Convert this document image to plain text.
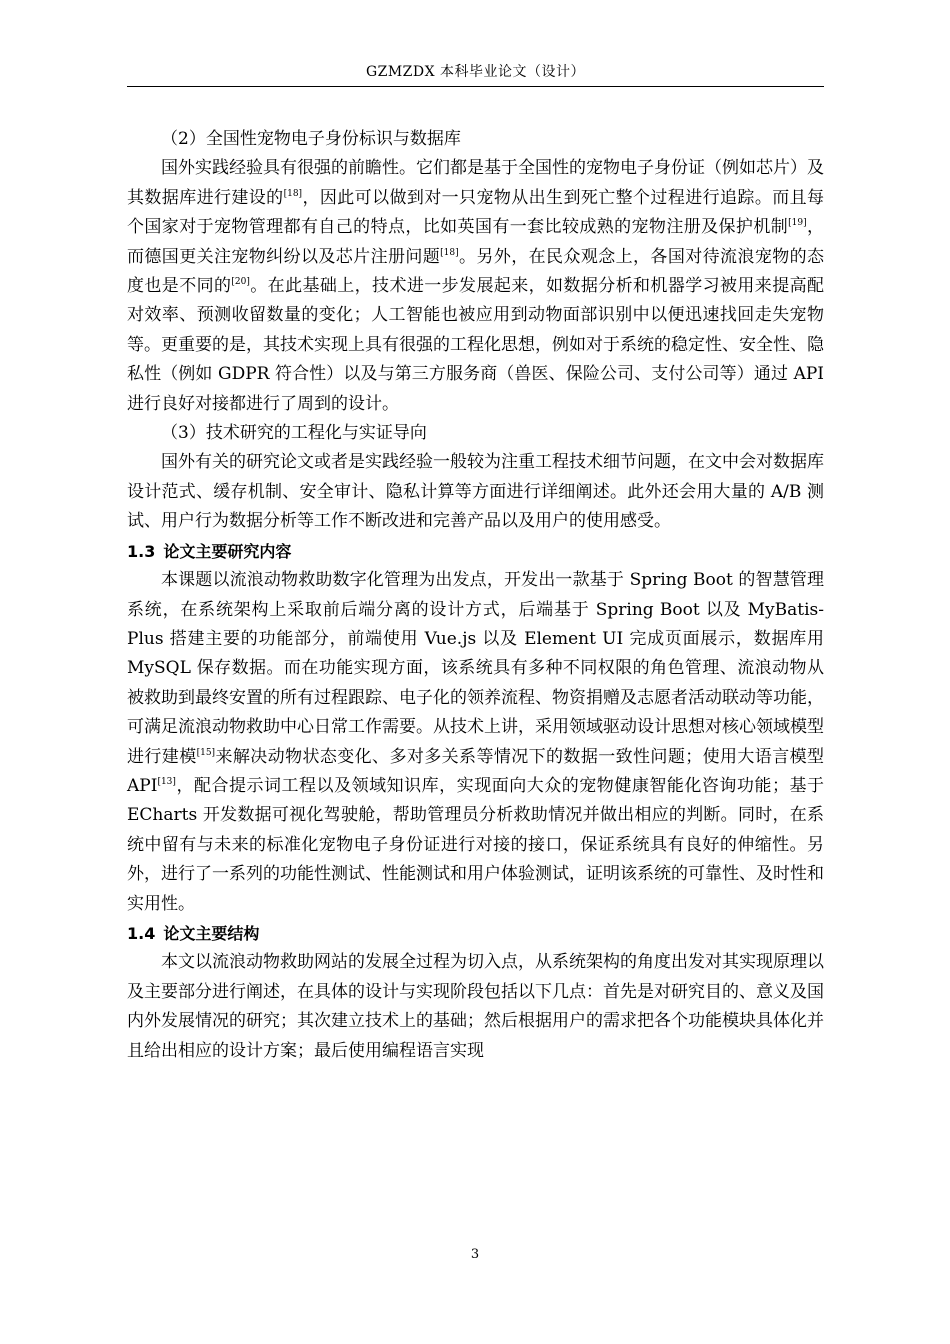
GZMZDX 本科毕业论文（设计）

（2）全国性宠物电子身份标识与数据库

国外实践经验具有很强的前瞻性。它们都是基于全国性的宠物电子身份证（例如芯片）及其数据库进行建设的[18]，因此可以做到对一只宠物从出生到死亡整个过程进行追踪。而且每个国家对于宠物管理都有自己的特点，比如英国有一套比较成熟的宠物注册及保护机制[19]，而德国更关注宠物纠纷以及芯片注册问题[18]。另外，在民众观念上，各国对待流浪宠物的态度也是不同的[20]。在此基础上，技术进一步发展起来，如数据分析和机器学习被用来提高配对效率、预测收留数量的变化；人工智能也被应用到动物面部识别中以便迅速找回走失宠物等。更重要的是，其技术实现上具有很强的工程化思想，例如对于系统的稳定性、安全性、隐私性（例如 GDPR 符合性）以及与第三方服务商（兽医、保险公司、支付公司等）通过 API 进行良好对接都进行了周到的设计。

（3）技术研究的工程化与实证导向

国外有关的研究论文或者是实践经验一般较为注重工程技术细节问题，在文中会对数据库设计范式、缓存机制、安全审计、隐私计算等方面进行详细阐述。此外还会用大量的 A/B 测试、用户行为数据分析等工作不断改进和完善产品以及用户的使用感受。

1.3 论文主要研究内容

本课题以流浪动物救助数字化管理为出发点，开发出一款基于 Spring Boot 的智慧管理系统，在系统架构上采取前后端分离的设计方式，后端基于 Spring Boot 以及 MyBatis-Plus 搭建主要的功能部分，前端使用 Vue.js 以及 Element UI 完成页面展示，数据库用 MySQL 保存数据。而在功能实现方面，该系统具有多种不同权限的角色管理、流浪动物从被救助到最终安置的所有过程跟踪、电子化的领养流程、物资捐赠及志愿者活动联动等功能，可满足流浪动物救助中心日常工作需要。从技术上讲，采用领域驱动设计思想对核心领域模型进行建模[15]来解决动物状态变化、多对多关系等情况下的数据一致性问题；使用大语言模型 API[13]，配合提示词工程以及领域知识库，实现面向大众的宠物健康智能化咨询功能；基于 ECharts 开发数据可视化驾驶舱，帮助管理员分析救助情况并做出相应的判断。同时，在系统中留有与未来的标准化宠物电子身份证进行对接的接口，保证系统具有良好的伸缩性。另外，进行了一系列的功能性测试、性能测试和用户体验测试，证明该系统的可靠性、及时性和实用性。

1.4 论文主要结构

本文以流浪动物救助网站的发展全过程为切入点，从系统架构的角度出发对其实现原理以及主要部分进行阐述，在具体的设计与实现阶段包括以下几点：首先是对研究目的、意义及国内外发展情况的研究；其次建立技术上的基础；然后根据用户的需求把各个功能模块具体化并且给出相应的设计方案；最后使用编程语言实现

3
